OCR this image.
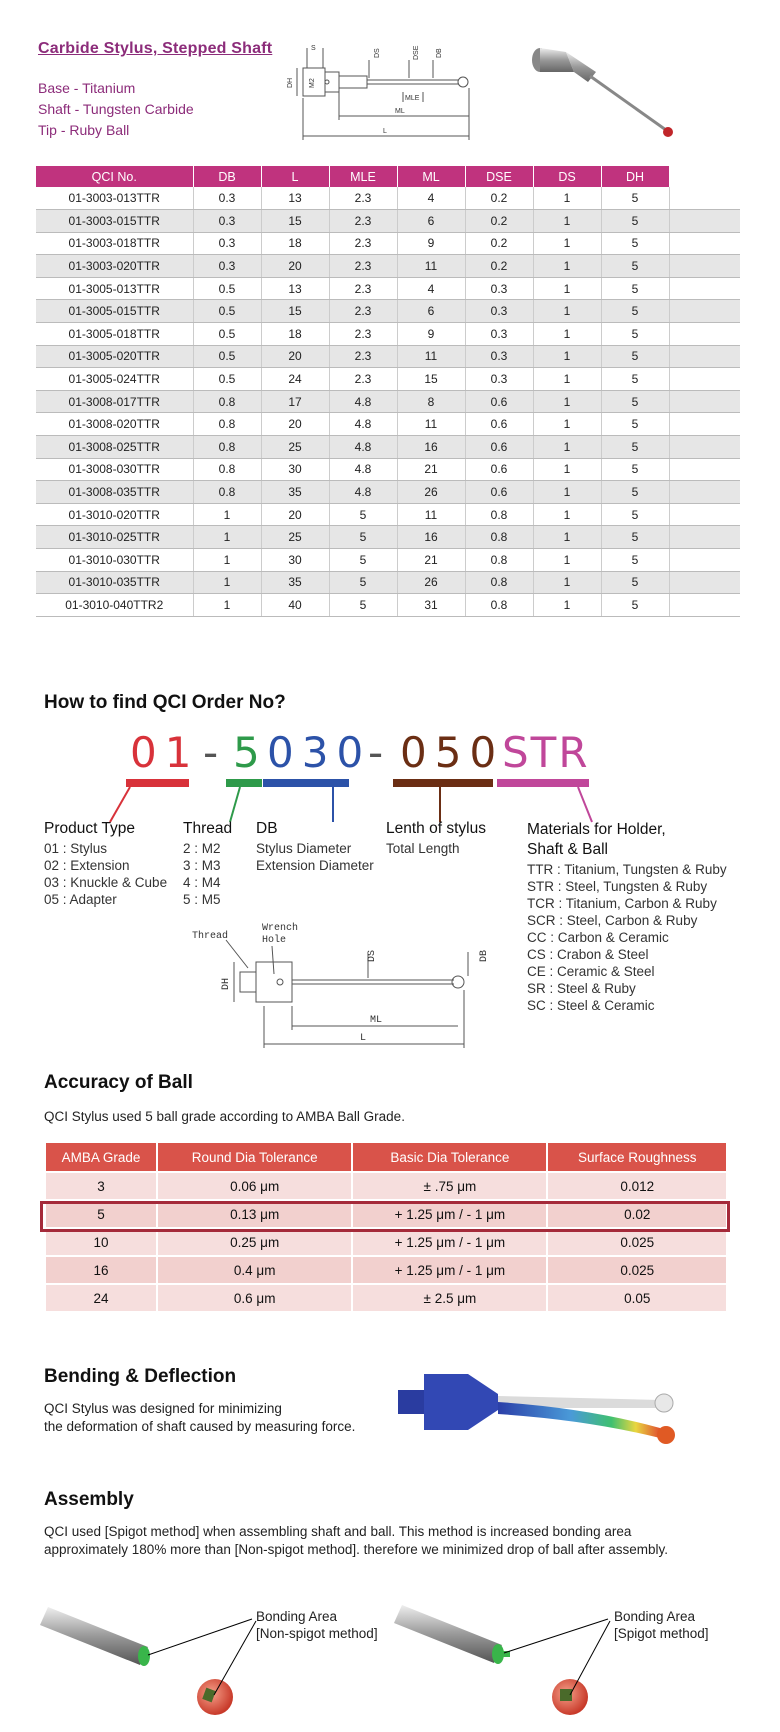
Carbide Stylus, Stepped Shaft
Base - Titanium
Shaft - Tungsten Carbide
Tip - Ruby Ball
S	DS	DSE DB
DH M2
MLE
ML
L
QCI No.	DB	L	MLE	ML	DSE	DS	DH	
01-3003-013TTR	0.3	13	2.3	4	0.2	1	5	
01-3003-015TTR	0.3	15	2.3	6	0.2	1	5	
01-3003-018TTR	0.3	18	2.3	9	0.2	1	5	
01-3003-020TTR	0.3	20	2.3	11	0.2	1	5	
01-3005-013TTR	0.5	13	2.3	4	0.3	1	5	
01-3005-015TTR	0.5	15	2.3	6	0.3	1	5	
01-3005-018TTR	0.5	18	2.3	9	0.3	1	5	
01-3005-020TTR	0.5	20	2.3	11	0.3	1	5	
01-3005-024TTR	0.5	24	2.3	15	0.3	1	5	
01-3008-017TTR	0.8	17	4.8	8	0.6	1	5	
01-3008-020TTR	0.8	20	4.8	11	0.6	1	5	
01-3008-025TTR	0.8	25	4.8	16	0.6	1	5	
01-3008-030TTR	0.8	30	4.8	21	0.6	1	5	
01-3008-035TTR	0.8	35	4.8	26	0.6	1	5	
01-3010-020TTR	1	20	5	11	0.8	1	5	
01-3010-025TTR	1	25	5	16	0.8	1	5	
01-3010-030TTR	1	30	5	21	0.8	1	5	
01-3010-035TTR	1	35	5	26	0.8	1	5	
01-3010-040TTR2	1	40	5	31	0.8	1	5	
How to find QCI Order No?
01 - 5 030
- 050
STR
Product Type
01 : Stylus
02 : Extension
03 : Knuckle & Cube
05 : Adapter
Thread
2 : M2
3 : M3
4 : M4
5 : M5
DB
Stylus Diameter
Extension Diameter
Lenth of stylus
Total Length
Materials for Holder,
Shaft & Ball
TTR : Titanium, Tungsten & Ruby
STR : Steel, Tungsten & Ruby
TCR : Titanium, Carbon & Ruby
SCR : Steel, Carbon & Ruby
CC : Carbon & Ceramic
CS : Crabon & Steel
CE : Ceramic & Steel
SR : Steel & Ruby
SC : Steel & Ceramic
Thread
Wrench
Hole
DH
DS	DB
ML
L
Accuracy of Ball
QCI Stylus used 5 ball grade according to AMBA Ball Grade.
AMBA Grade	Round Dia Tolerance	Basic Dia Tolerance	Surface Roughness
3	0.06 μm	± .75 μm	0.012
5	0.13 μm	+ 1.25 μm / - 1 μm	0.02
10	0.25 μm	+ 1.25 μm / - 1 μm	0.025
16	0.4 μm	+ 1.25 μm / - 1 μm	0.025
24	0.6 μm	± 2.5 μm	0.05
Bending & Deflection
QCI Stylus was designed for minimizing
the deformation of shaft caused by measuring force.
Assembly
QCI used [Spigot method] when assembling shaft and ball. This method is increased bonding area
approximately 180% more than [Non-spigot method]. therefore we minimized drop of ball after assembly.
Bonding Area
[Non-spigot method]
Bonding Area
[Spigot method]
